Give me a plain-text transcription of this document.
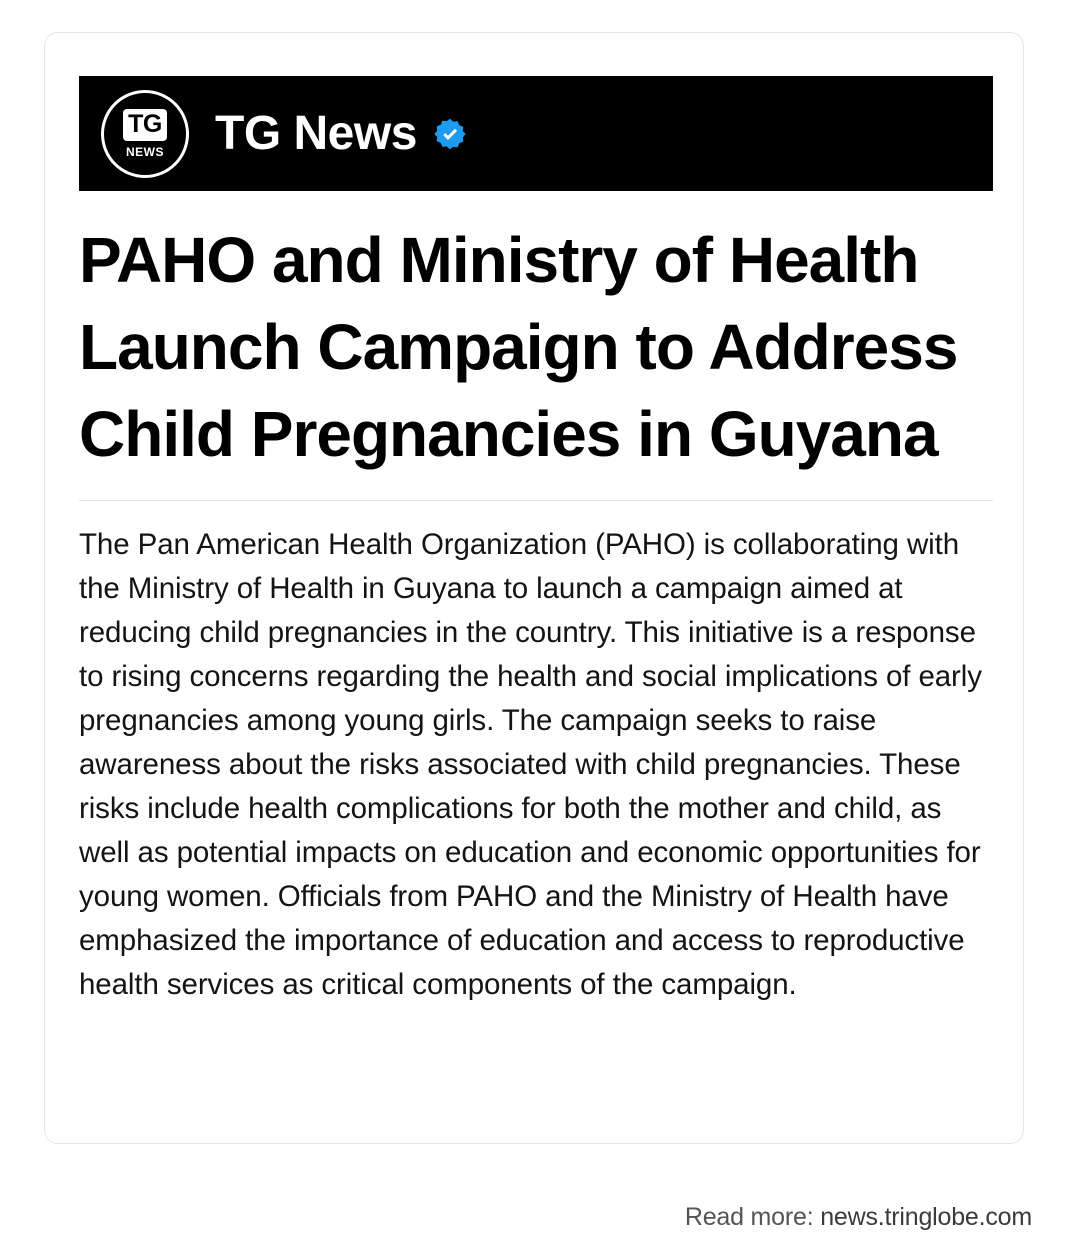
TG
NEWS TG News
PAHO and Ministry of Health Launch Campaign to Address Child Pregnancies in Guyana

The Pan American Health Organization (PAHO) is collaborating with the Ministry of Health in Guyana to launch a campaign aimed at reducing child pregnancies in the country. This initiative is a response to rising concerns regarding the health and social implications of early pregnancies among young girls. The campaign seeks to raise awareness about the risks associated with child pregnancies. These risks include health complications for both the mother and child, as well as potential impacts on education and economic opportunities for young women. Officials from PAHO and the Ministry of Health have emphasized the importance of education and access to reproductive health services as critical components of the campaign.

Read more: news.tringlobe.com
